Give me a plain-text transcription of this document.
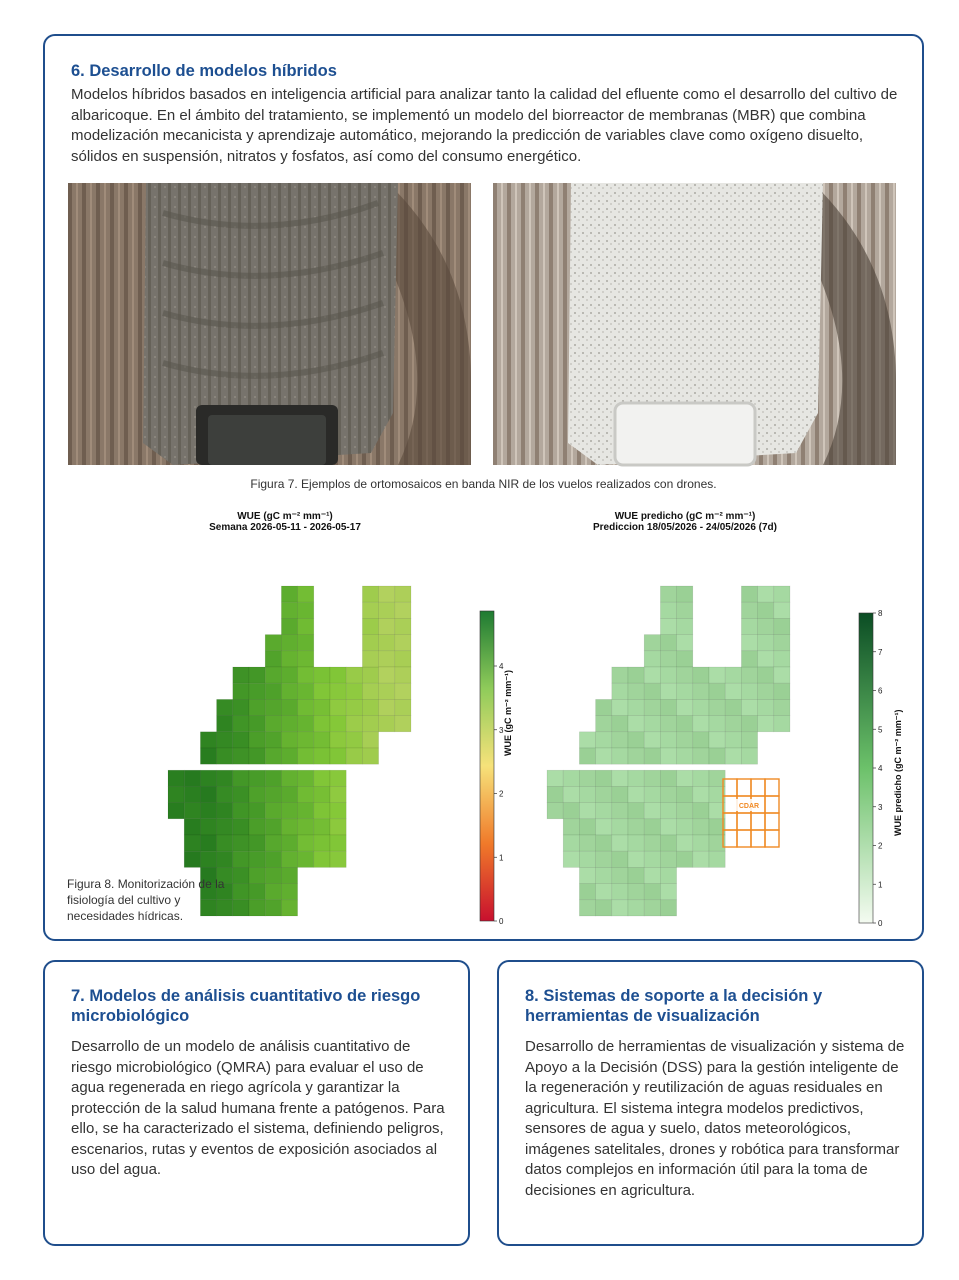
6. Desarrollo de modelos híbridos
Modelos híbridos basados en inteligencia artificial para analizar tanto la calidad del efluente como el desarrollo del cultivo de albaricoque. En el ámbito del tratamiento, se implementó un modelo del biorreactor de membranas (MBR) que combina modelización mecanicista y aprendizaje automático, mejorando la predicción de variables clave como oxígeno disuelto, sólidos en suspensión, nitratos y fosfatos, así como del consumo energético.
Figura 7. Ejemplos de ortomosaicos en banda NIR de los vuelos realizados con drones.
WUE (gC m⁻² mm⁻¹)
Semana 2026-05-11 - 2026-05-17
0
1
2
3
4
WUE (gC m⁻² mm⁻¹)
WUE predicho (gC m⁻² mm⁻¹)
Prediccion 18/05/2026 - 24/05/2026 (7d)
0
1
2
3
4
5
6
7
8
CDAR	WUE predicho (gC m⁻² mm⁻¹)
Figura 8. Monitorización de la fisiología del cultivo y necesidades hídricas.
7. Modelos de análisis cuantitativo de riesgo microbiológico
Desarrollo de un modelo de análisis cuantitativo de riesgo microbiológico (QMRA) para evaluar el uso de agua regenerada en riego agrícola y garantizar la protección de la salud humana frente a patógenos. Para ello, se ha caracterizado el sistema, definiendo peligros, escenarios, rutas y eventos de exposición asociados al uso del agua.
8. Sistemas de soporte a la decisión y herramientas de visualización
Desarrollo de herramientas de visualización y sistema de Apoyo a la Decisión (DSS) para la gestión inteligente de la regeneración y reutilización de aguas residuales en agricultura. El sistema integra modelos predictivos, sensores de agua y suelo, datos meteorológicos, imágenes satelitales, drones y robótica para transformar datos complejos en información útil para la toma de decisiones en agricultura.
